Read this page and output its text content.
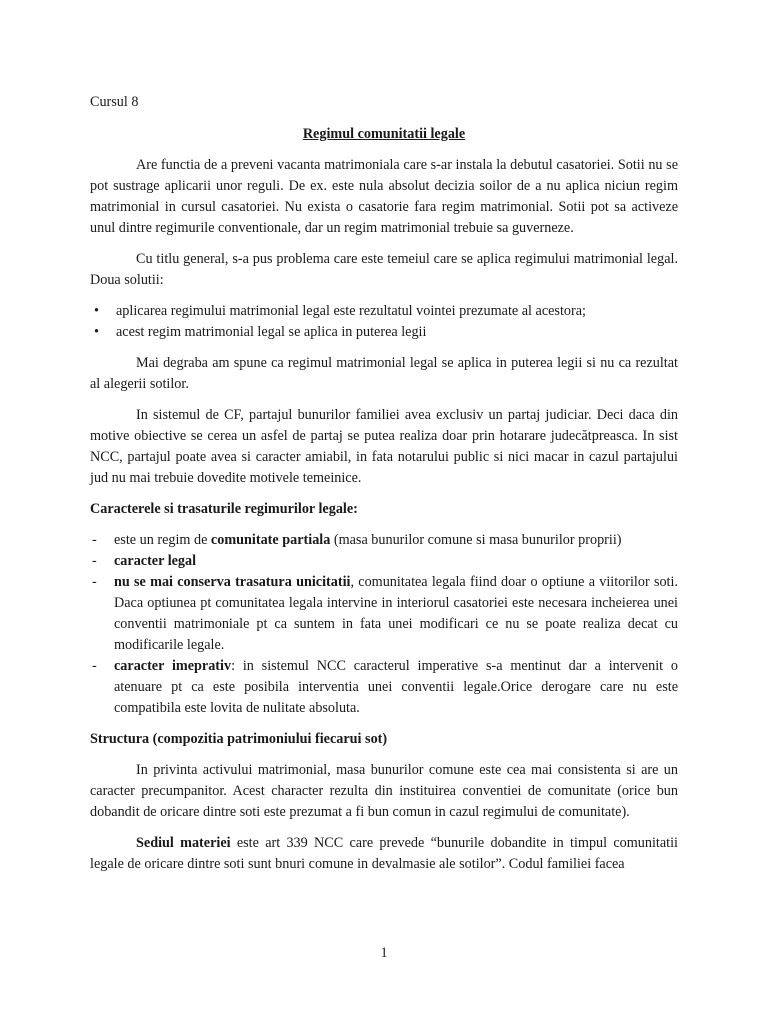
Cursul 8
Regimul comunitatii legale

Are functia de a preveni vacanta matrimoniala care s-ar instala la debutul casatoriei. Sotii nu se pot sustrage aplicarii unor reguli. De ex. este nula absolut decizia soilor de a nu aplica niciun regim matrimonial in cursul casatoriei. Nu exista o casatorie fara regim matrimonial. Sotii pot sa activeze unul dintre regimurile conventionale, dar un regim matrimonial trebuie sa guverneze.

Cu titlu general, s-a pus problema care este temeiul care se aplica regimului matrimonial legal. Doua solutii:

• aplicarea regimului matrimonial legal este rezultatul vointei prezumate al acestora;
• acest regim matrimonial legal se aplica in puterea legii

Mai degraba am spune ca regimul matrimonial legal se aplica in puterea legii si nu ca rezultat al alegerii sotilor.

In sistemul de CF, partajul bunurilor familiei avea exclusiv un partaj judiciar. Deci daca din motive obiective se cerea un asfel de partaj se putea realiza doar prin hotarare judecătpreasca. In sist NCC, partajul poate avea si caracter amiabil, in fata notarului public si nici macar in cazul partajului jud nu mai trebuie dovedite motivele temeinice.

Caracterele si trasaturile regimurilor legale:
- este un regim de comunitate partiala (masa bunurilor comune si masa bunurilor proprii)
- caracter legal
- nu se mai conserva trasatura unicitatii, comunitatea legala fiind doar o optiune a viitorilor soti. Daca optiunea pt comunitatea legala intervine in interiorul casatoriei este necesara incheierea unei conventii matrimoniale pt ca suntem in fata unei modificari ce nu se poate realiza decat cu modificarile legale.
- caracter imeprativ: in sistemul NCC caracterul imperative s-a mentinut dar a intervenit o atenuare pt ca este posibila interventia unei conventii legale.Orice derogare care nu este compatibila este lovita de nulitate absoluta.
Structura (compozitia patrimoniului fiecarui sot)

In privinta activului matrimonial, masa bunurilor comune este cea mai consistenta si are un caracter precumpanitor. Acest character rezulta din instituirea conventiei de comunitate (orice bun dobandit de oricare dintre soti este prezumat a fi bun comun in cazul regimului de comunitate).

Sediul materiei este art 339 NCC care prevede “bunurile dobandite in timpul comunitatii legale de oricare dintre soti sunt bnuri comune in devalmasie ale sotilor”. Codul familiei facea

1
